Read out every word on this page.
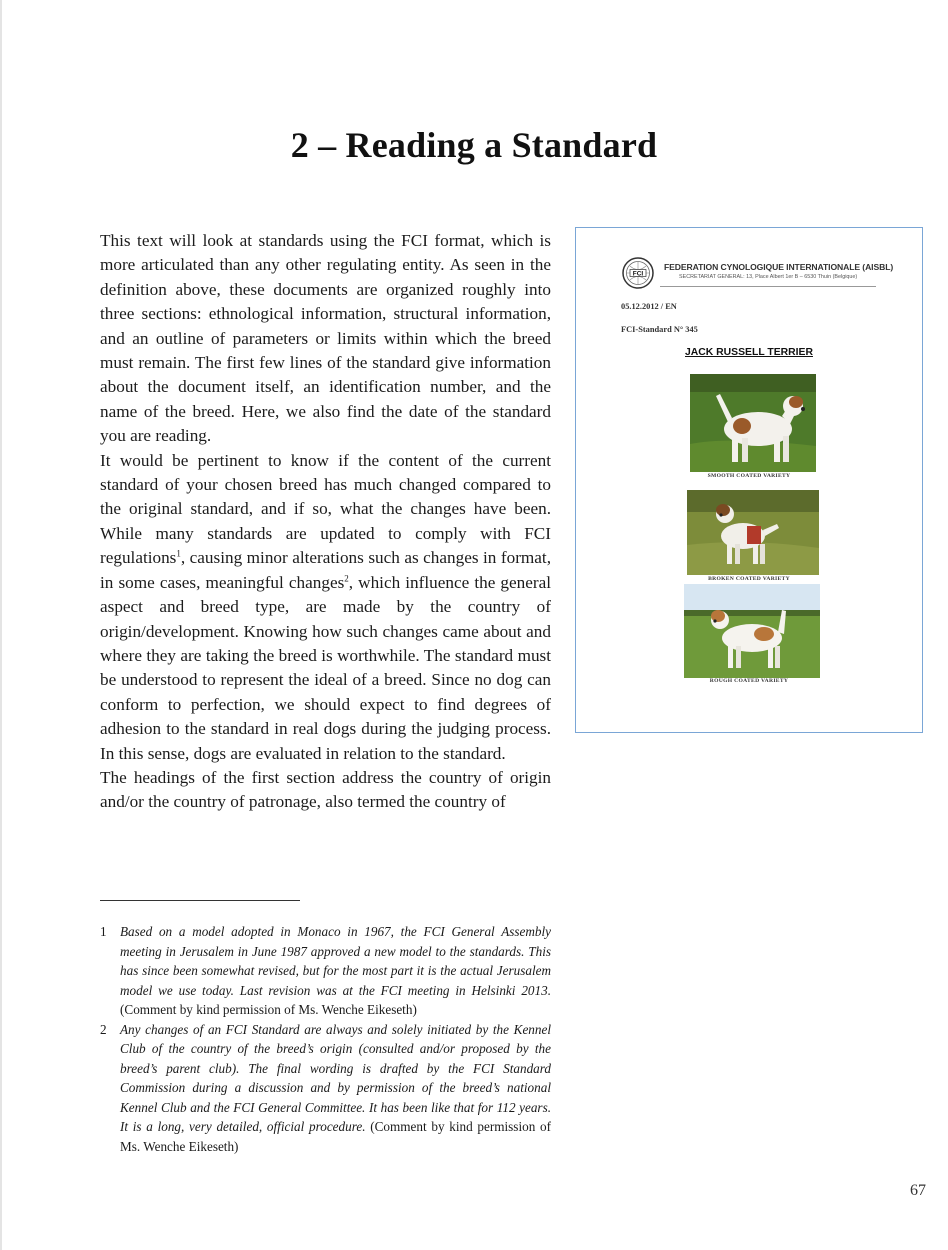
2 – Reading a Standard

This text will look at standards using the FCI format, which is more articulated than any other regulating entity. As seen in the definition above, these documents are organized roughly into three sections: ethnological information, structural information, and an outline of parameters or limits within which the breed must remain. The first few lines of the standard give information about the document itself, an identification number, and the name of the breed. Here, we also find the date of the standard you are reading.

It would be pertinent to know if the content of the current standard of your chosen breed has much changed compared to the original standard, and if so, what the changes have been. While many standards are updated to comply with FCI regulations$^1$, causing minor alterations such as changes in format, in some cases, meaningful changes$^2$, which influence the general aspect and breed type, are made by the country of origin/development. Knowing how such changes came about and where they are taking the breed is worthwhile. The standard must be understood to represent the ideal of a breed. Since no dog can conform to perfection, we should expect to find degrees of adhesion to the standard in real dogs during the judging process. In this sense, dogs are evaluated in relation to the standard.

The headings of the first section address the country of origin and/or the country of patronage, also termed the country of

1 Based on a model adopted in Monaco in 1967, the FCI General Assembly meeting in Jerusalem in June 1987 approved a new model to the standards. This has since been somewhat revised, but for the most part it is the actual Jerusalem model we use today. Last revision was at the FCI meeting in Helsinki 2013. (Comment by kind permission of Ms. Wenche Eikeseth)
2 Any changes of an FCI Standard are always and solely initiated by the Kennel Club of the country of the breed’s origin (consulted and/or proposed by the breed’s parent club). The final wording is drafted by the FCI Standard Commission during a discussion and by permission of the breed’s national Kennel Club and the FCI General Committee. It has been like that for 112 years. It is a long, very detailed, official procedure. (Comment by kind permission of Ms. Wenche Eikeseth)
FCI
FEDERATION CYNOLOGIQUE INTERNATIONALE (AISBL)
SECRETARIAT GENERAL: 13, Place Albert 1er B – 6530 Thuin (Belgique)
05.12.2012 / EN
FCI-Standard N° 345
JACK RUSSELL TERRIER
SMOOTH COATED VARIETY
BROKEN COATED VARIETY
ROUGH COATED VARIETY
67
